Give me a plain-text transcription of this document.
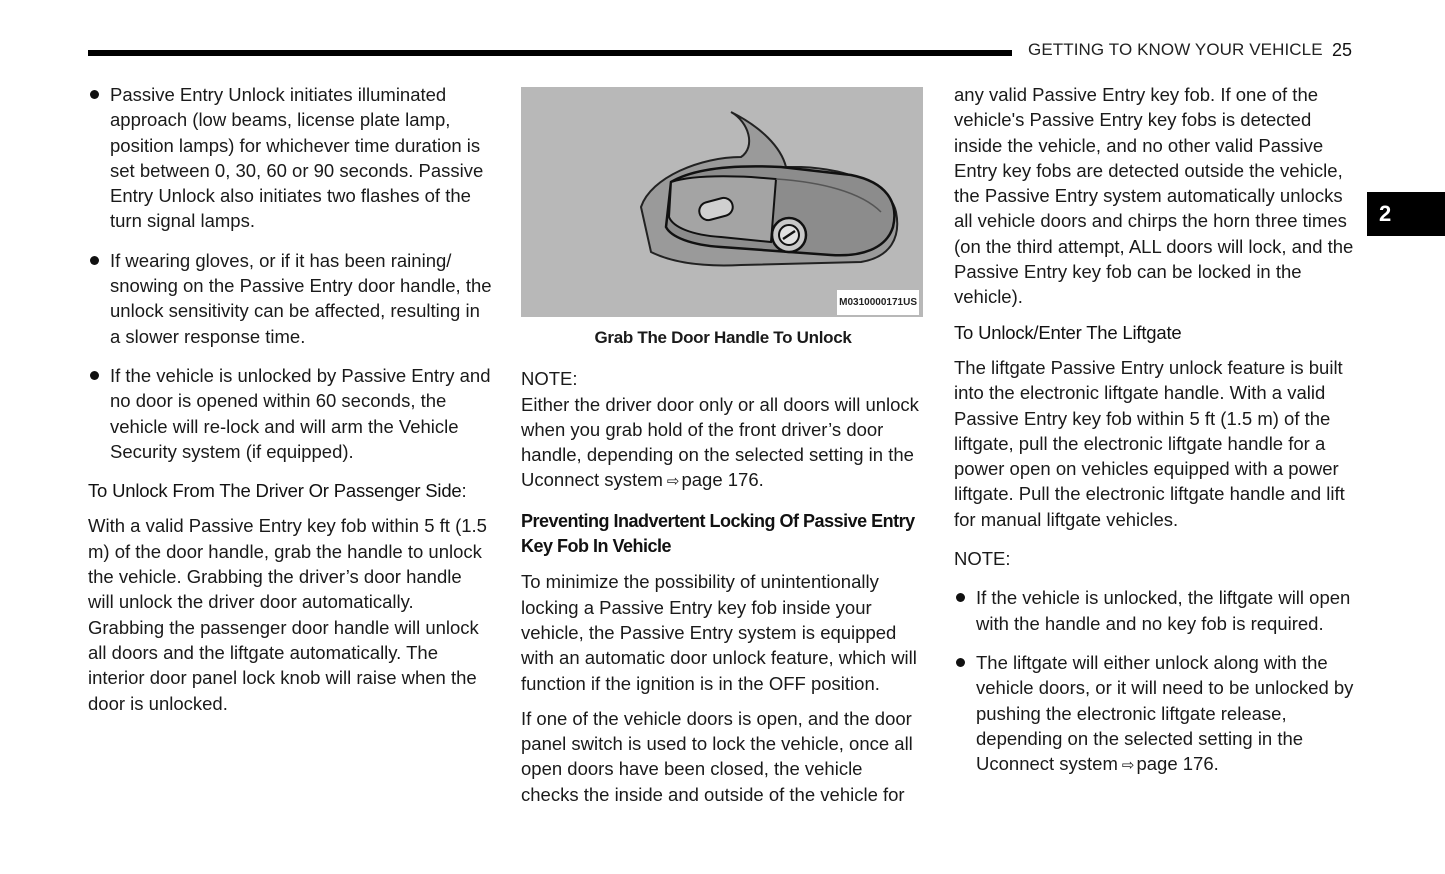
GETTING TO KNOW YOUR VEHICLE 25
2
Passive Entry Unlock initiates illuminated approach (low beams, license plate lamp, position lamps) for whichever time duration is set between 0, 30, 60 or 90 seconds. Passive Entry Unlock also initiates two flashes of the turn signal lamps.
If wearing gloves, or if it has been raining/ snowing on the Passive Entry door handle, the unlock sensitivity can be affected, resulting in a slower response time.
If the vehicle is unlocked by Passive Entry and no door is opened within 60 seconds, the vehicle will re-lock and will arm the Vehicle Security system (if equipped).
To Unlock From The Driver Or Passenger Side:

With a valid Passive Entry key fob within 5 ft (1.5 m) of the door handle, grab the handle to unlock the vehicle. Grabbing the driver’s door handle will unlock the driver door automatically. Grabbing the passenger door handle will unlock all doors and the liftgate automatically. The interior door panel lock knob will raise when the door is unlocked.

M0310000171US
Grab The Door Handle To Unlock

NOTE:

Either the driver door only or all doors will unlock when you grab hold of the front driver’s door handle, depending on the selected setting in the Uconnect system ⇨ page 176.

Preventing Inadvertent Locking Of Passive Entry Key Fob In Vehicle

To minimize the possibility of unintentionally locking a Passive Entry key fob inside your vehicle, the Passive Entry system is equipped with an automatic door unlock feature, which will function if the ignition is in the OFF position.

If one of the vehicle doors is open, and the door panel switch is used to lock the vehicle, once all open doors have been closed, the vehicle checks the inside and outside of the vehicle for

any valid Passive Entry key fob. If one of the vehicle's Passive Entry key fobs is detected inside the vehicle, and no other valid Passive Entry key fobs are detected outside the vehicle, the Passive Entry system automatically unlocks all vehicle doors and chirps the horn three times (on the third attempt, ALL doors will lock, and the Passive Entry key fob can be locked in the vehicle).

To Unlock/Enter The Liftgate

The liftgate Passive Entry unlock feature is built into the electronic liftgate handle. With a valid Passive Entry key fob within 5 ft (1.5 m) of the liftgate, pull the electronic liftgate handle for a power open on vehicles equipped with a power liftgate. Pull the electronic liftgate handle and lift for manual liftgate vehicles.

NOTE:

If the vehicle is unlocked, the liftgate will open with the handle and no key fob is required.
The liftgate will either unlock along with the vehicle doors, or it will need to be unlocked by pushing the electronic liftgate release, depending on the selected setting in the Uconnect system ⇨ page 176.
